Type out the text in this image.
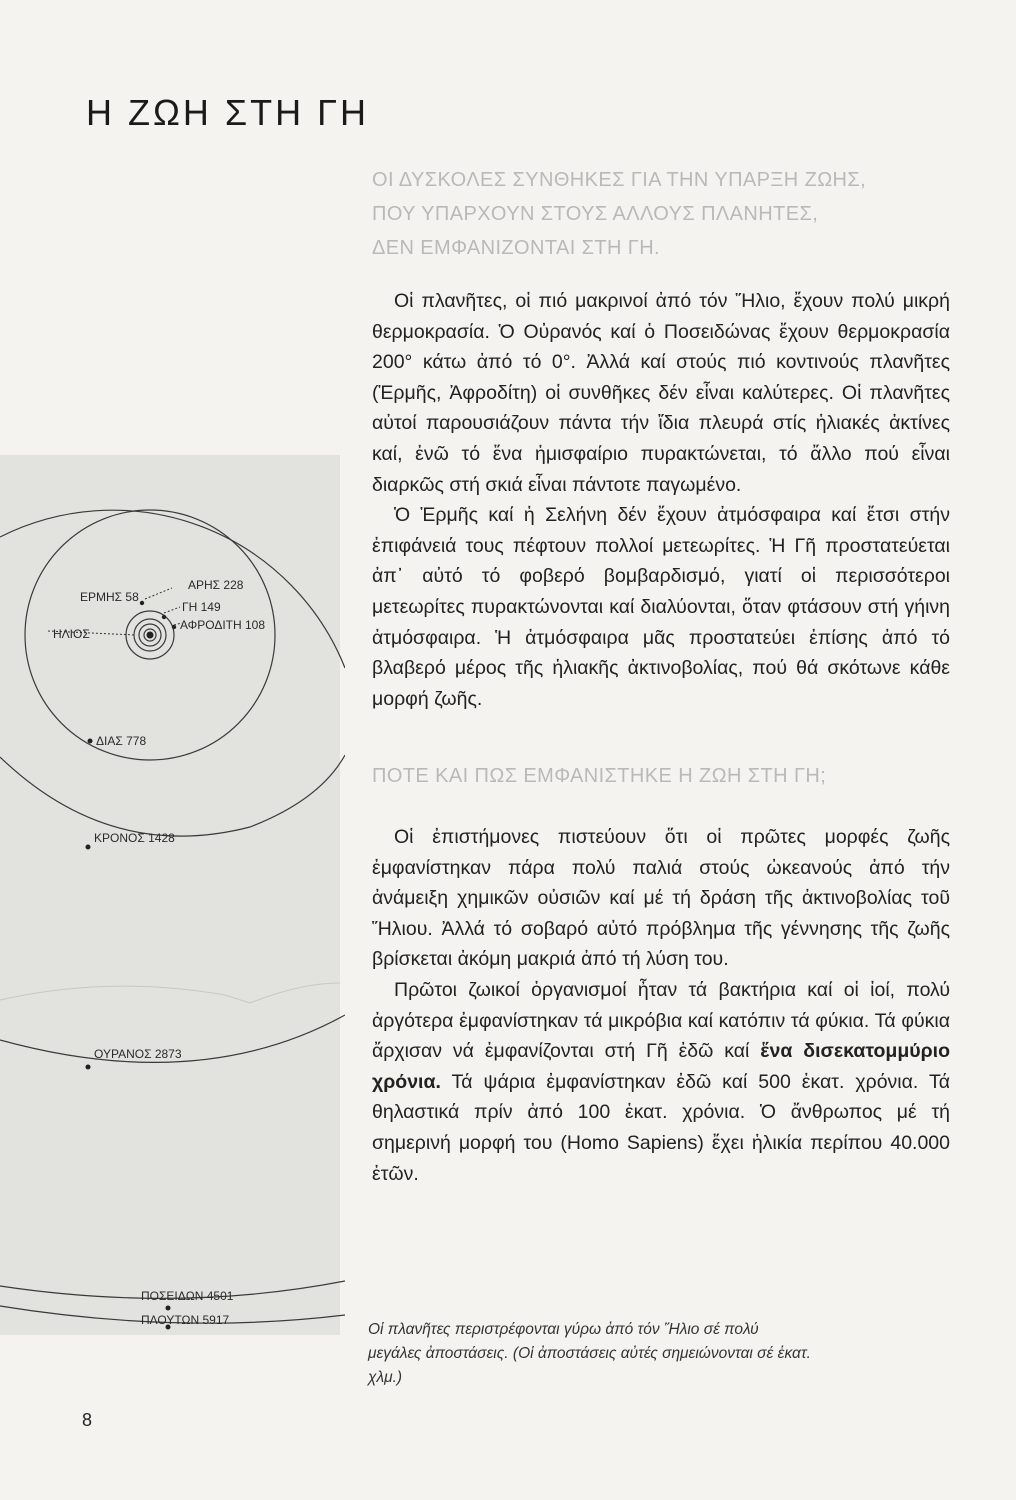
Η ΖΩΗ ΣΤΗ ΓΗ
ΟΙ ΔΥΣΚΟΛΕΣ ΣΥΝΘΗΚΕΣ ΓΙΑ ΤΗΝ ΥΠΑΡΞΗ ΖΩΗΣ,
ΠΟΥ ΥΠΑΡΧΟΥΝ ΣΤΟΥΣ ΑΛΛΟΥΣ ΠΛΑΝΗΤΕΣ,
ΔΕΝ ΕΜΦΑΝΙΖΟΝΤΑΙ ΣΤΗ ΓΗ.

Οἱ πλανῆτες, οἱ πιό μακρινοί ἀπό τόν Ἥλιο, ἔχουν πολύ μικρή θερμοκρασία. Ὁ Οὐρανός καί ὁ Ποσειδώνας ἔχουν θερμοκρασία 200° κάτω ἀπό τό 0°. Ἀλλά καί στούς πιό κοντινούς πλανῆτες (Ἑρμῆς, Ἀφροδίτη) οἱ συνθῆκες δέν εἶναι καλύτερες. Οἱ πλανῆτες αὐτοί παρουσιάζουν πάντα τήν ἴδια πλευρά στίς ἡλιακές ἀκτίνες καί, ἐνῶ τό ἕνα ἡμισφαίριο πυρακτώνεται, τό ἄλλο πού εἶναι διαρκῶς στή σκιά εἶναι πάντοτε παγωμένο.

Ὁ Ἑρμῆς καί ἡ Σελήνη δέν ἔχουν ἀτμόσφαιρα καί ἔτσι στήν ἐπιφάνειά τους πέφτουν πολλοί μετεωρίτες. Ἡ Γῆ προστατεύεται ἀπ᾿ αὐτό τό φοβερό βομβαρδισμό, γιατί οἱ περισσότεροι μετεωρίτες πυρακτώνονται καί διαλύονται, ὅταν φτάσουν στή γήινη ἀτμόσφαιρα. Ἡ ἀτμόσφαιρα μᾶς προστατεύει ἐπίσης ἀπό τό βλαβερό μέρος τῆς ἡλιακῆς ἀκτινοβολίας, πού θά σκότωνε κάθε μορφή ζωῆς.

ΠΟΤΕ ΚΑΙ ΠΩΣ ΕΜΦΑΝΙΣΤΗΚΕ Η ΖΩΗ ΣΤΗ ΓΗ;

Οἱ ἐπιστήμονες πιστεύουν ὅτι οἱ πρῶτες μορφές ζωῆς ἐμφανίστηκαν πάρα πολύ παλιά στούς ὠκεανούς ἀπό τήν ἀνάμειξη χημικῶν οὐσιῶν καί μέ τή δράση τῆς ἀκτινοβολίας τοῦ Ἥλιου. Ἀλλά τό σοβαρό αὐτό πρόβλημα τῆς γέννησης τῆς ζωῆς βρίσκεται ἀκόμη μακριά ἀπό τή λύση του.

Πρῶτοι ζωικοί ὀργανισμοί ἦταν τά βακτήρια καί οἱ ἰοί, πολύ ἀργότερα ἐμφανίστηκαν τά μικρόβια καί κατόπιν τά φύκια. Τά φύκια ἄρχισαν νά ἐμφανίζονται στή Γῆ ἐδῶ καί ἕνα δισεκατομμύριο χρόνια. Τά ψάρια ἐμφανίστηκαν ἐδῶ καί 500 ἑκατ. χρόνια. Τά θηλαστικά πρίν ἀπό 100 ἑκατ. χρόνια. Ὁ ἄνθρωπος μέ τή σημερινή μορφή του (Homo Sapiens) ἔχει ἡλικία περίπου 40.000 ἐτῶν.

ΑΡΗΣ 228
ΕΡΜΗΣ 58
ΓΗ 149
ΑΦΡΟΔΙΤΗ 108
ΗΛΙΟΣ
ΔΙΑΣ 778
ΚΡΟΝΟΣ 1428
ΟΥΡΑΝΟΣ 2873
ΠΟΣΕΙΔΩΝ 4501
ΠΛΟΥΤΩΝ 5917

Οἱ πλανῆτες περιστρέφονται γύρω ἀπό τόν Ἥλιο σέ πολύ μεγάλες ἀποστάσεις. (Οἱ ἀποστάσεις αὐτές σημειώνονται σέ ἑκατ. χλμ.)

8
